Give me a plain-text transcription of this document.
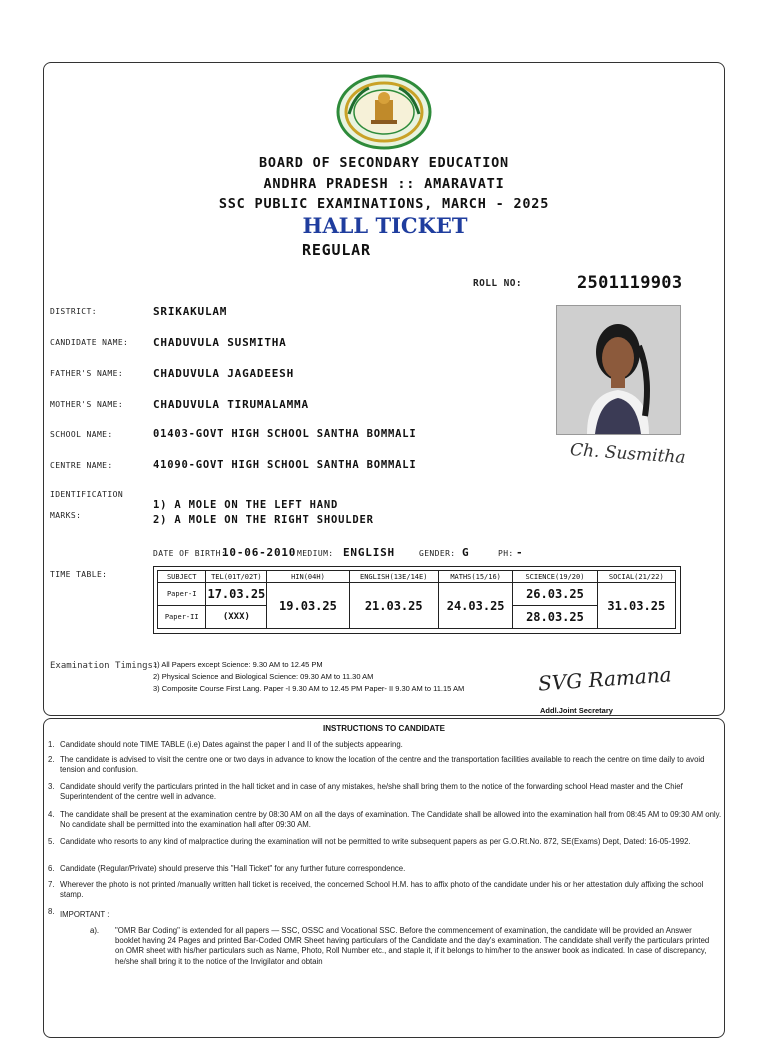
BOARD OF SECONDARY EDUCATION
ANDHRA PRADESH :: AMARAVATI
SSC PUBLIC EXAMINATIONS, MARCH - 2025
HALL TICKET
REGULAR
ROLL NO:	2501119903
DISTRICT:	SRIKAKULAM
CANDIDATE NAME: CHADUVULA SUSMITHA
FATHER'S NAME:	CHADUVULA JAGADEESH
MOTHER'S NAME:	CHADUVULA TIRUMALAMMA
SCHOOL NAME:	01403-GOVT HIGH SCHOOL SANTHA BOMMALI
CENTRE NAME:	41090-GOVT HIGH SCHOOL SANTHA BOMMALI
IDENTIFICATION
MARKS:
1) A MOLE ON THE LEFT HAND
2) A MOLE ON THE RIGHT SHOULDER
Ch. Susmitha
DATE OF BIRTH:
10-06-2010 MEDIUM: ENGLISH	GENDER: G	PH: -
TIME TABLE:	SUBJECT	TEL(01T/02T)	HIN(04H)	ENGLISH(13E/14E)	MATHS(15/16)	SCIENCE(19/20)	SOCIAL(21/22)
Paper-I	17.03.25	19.03.25	21.03.25	24.03.25	26.03.25	31.03.25
Paper-II	(XXX)				28.03.25	
Examination Timings:
1) All Papers except Science: 9.30 AM to 12.45 PM
2) Physical Science and Biological Science: 09.30 AM to 11.30 AM
3) Composite Course First Lang. Paper -I 9.30 AM to 12.45 PM Paper- II 9.30 AM to 11.15 AM	SVG Ramana
Addl.Joint Secretary
INSTRUCTIONS TO CANDIDATE
1. Candidate should note TIME TABLE (i.e) Dates against the paper I and II of the subjects appearing.
2. The candidate is advised to visit the centre one or two days in advance to know the location of the centre and the transportation facilities available to reach the centre on time daily to avoid tension and confusion.
3. Candidate should verify the particulars printed in the hall ticket and in case of any mistakes, he/she shall bring them to the notice of the forwarding school Head master and the Chief Superintendent of the centre well in advance.
4. The candidate shall be present at the examination centre by 08:30 AM on all the days of examination. The Candidate shall be allowed into the examination hall from 08:45 AM to 09:30 AM only. No candidate shall be permitted into the examination hall after 09:30 AM.
5. Candidate who resorts to any kind of malpractice during the examination will not be permitted to write subsequent papers as per G.O.Rt.No. 872, SE(Exams) Dept, Dated: 16-05-1992.
6. Candidate (Regular/Private) should preserve this "Hall Ticket" for any further future correspondence.
7. Wherever the photo is not printed /manually written hall ticket is received, the concerned School H.M. has to affix photo of the candidate under his or her attestation duly affixing the school stamp.
8. IMPORTANT :
a). "OMR Bar Coding" is extended for all papers — SSC, OSSC and Vocational SSC. Before the commencement of examination, the candidate will be provided an Answer booklet having 24 Pages and printed Bar-Coded OMR Sheet having particulars of the Candidate and the day's examination. The candidate shall verify the particulars printed on OMR sheet with his/her particulars such as Name, Photo, Roll Number etc., and staple it, if it belongs to him/her to the answer book as indicated. In case of discrepancy, he/she shall bring it to the notice of the Invigilator and obtain
